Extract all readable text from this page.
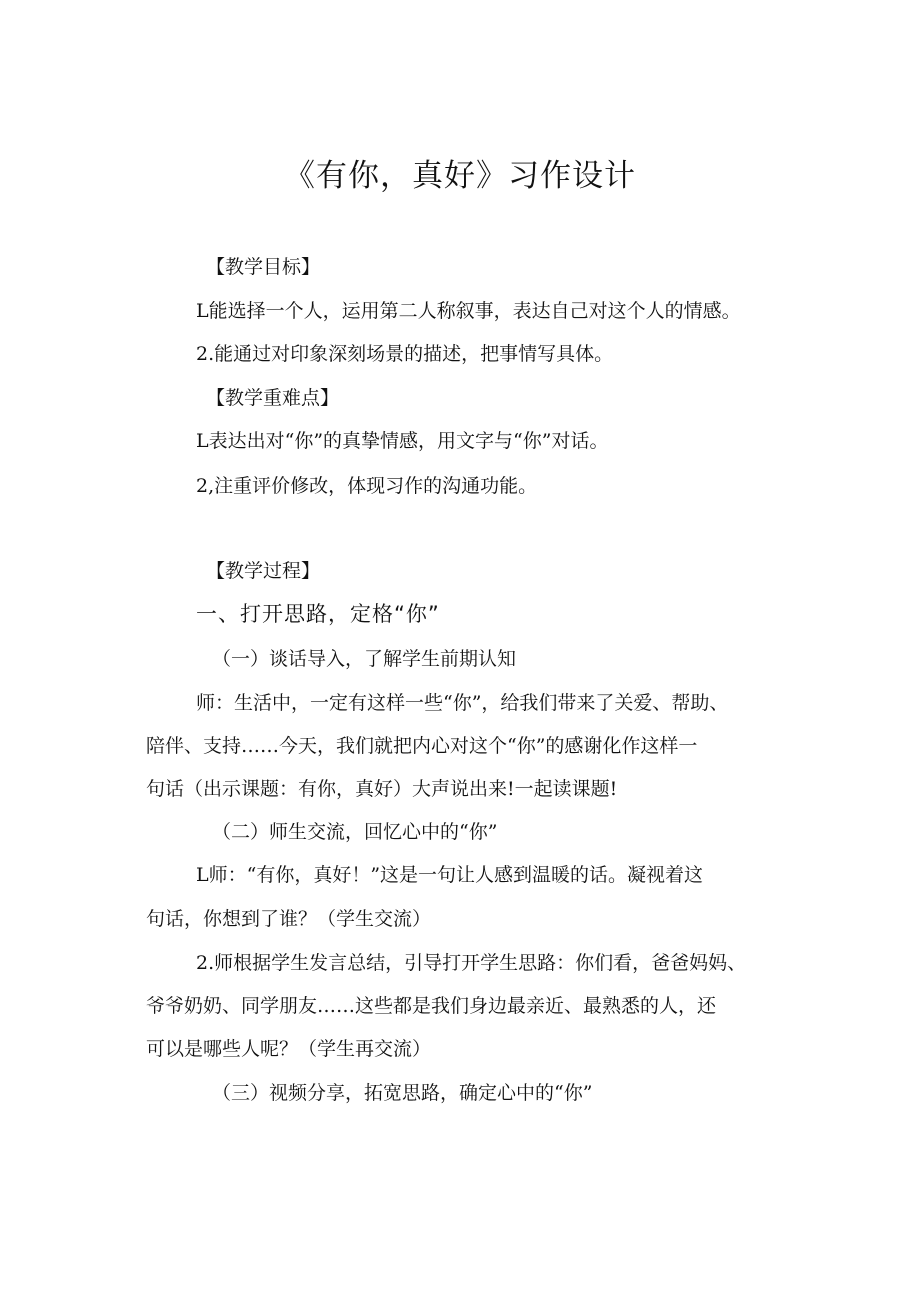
《有你，真好》习作设计
【教学目标】
L能选择一个人，运用第二人称叙事，表达自己对这个人的情感。
2.能通过对印象深刻场景的描述，把事情写具体。
【教学重难点】
L表达出对“你”的真挚情感，用文字与“你”对话。
2,注重评价修改，体现习作的沟通功能。
【教学过程】
一、打开思路，定格“你”
（一）谈话导入，了解学生前期认知
师：生活中，一定有这样一些“你”，给我们带来了关爱、帮助、
陪伴、支持……今天，我们就把内心对这个“你”的感谢化作这样一
句话（出示课题：有你，真好）大声说出来!一起读课题!
（二）师生交流，回忆心中的“你”
L师：“有你，真好！”这是一句让人感到温暖的话。凝视着这
句话，你想到了谁？（学生交流）
2.师根据学生发言总结，引导打开学生思路：你们看，爸爸妈妈、
爷爷奶奶、同学朋友……这些都是我们身边最亲近、最熟悉的人，还
可以是哪些人呢？（学生再交流）
（三）视频分享，拓宽思路，确定心中的“你”
